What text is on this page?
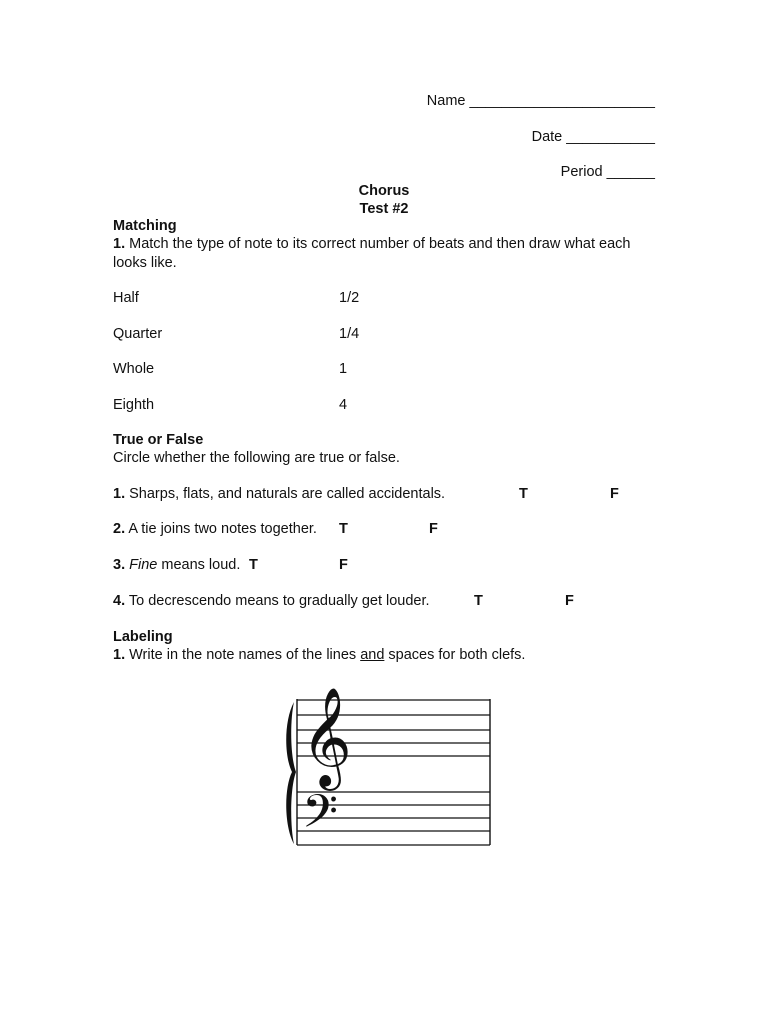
Name _______________________
Date ___________
Period ______
Chorus
Test #2
Matching
1. Match the type of note to its correct number of beats and then draw what each looks like.
Half	1/2
Quarter	1/4
Whole	1
Eighth	4
True or False
Circle whether the following are true or false.
1. Sharps, flats, and naturals are called accidentals.	T	F
2. A tie joins two notes together. T	F
3. Fine means loud. T	F
4. To decrescendo means to gradually get louder.	T	F
Labeling
1. Write in the note names of the lines and spaces for both clefs.
𝄞
𝄢
